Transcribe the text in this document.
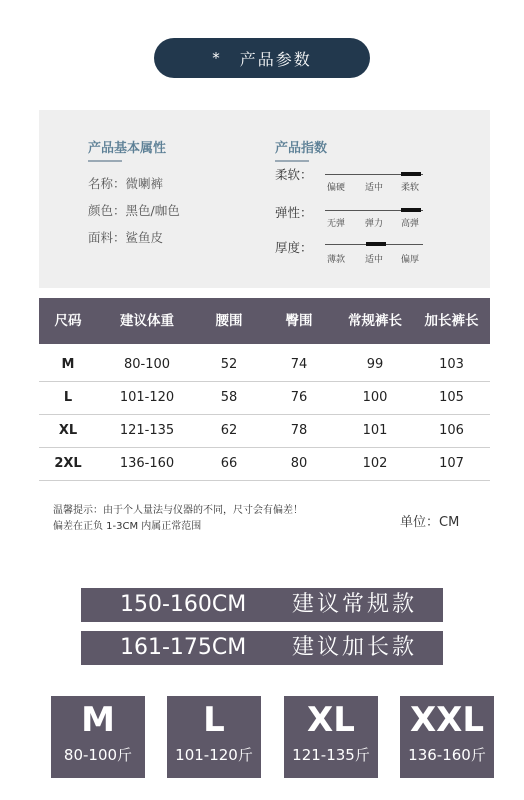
* 产品参数
产品基本属性
名称：微喇裤
颜色：黑色/咖色
面料：鲨鱼皮
产品指数
柔软：
偏硬 适中 柔软
弹性：
无弹 弹力 高弹
厚度：
薄款 适中 偏厚
尺码	建议体重	腰围	臀围	常规裤长	加长裤长
M	80-100	52	74	99	103
L	101-120	58	76	100	105
XL	121-135	62	78	101	106
2XL	136-160	66	80	102	107
温馨提示：由于个人量法与仪器的不同，尺寸会有偏差！
偏差在正负 1-3CM 内属正常范围	单位：CM
150-160CM 建议常规款
161-175CM 建议加长款
M
80-100斤
L
101-120斤
XL
121-135斤
XXL
136-160斤
